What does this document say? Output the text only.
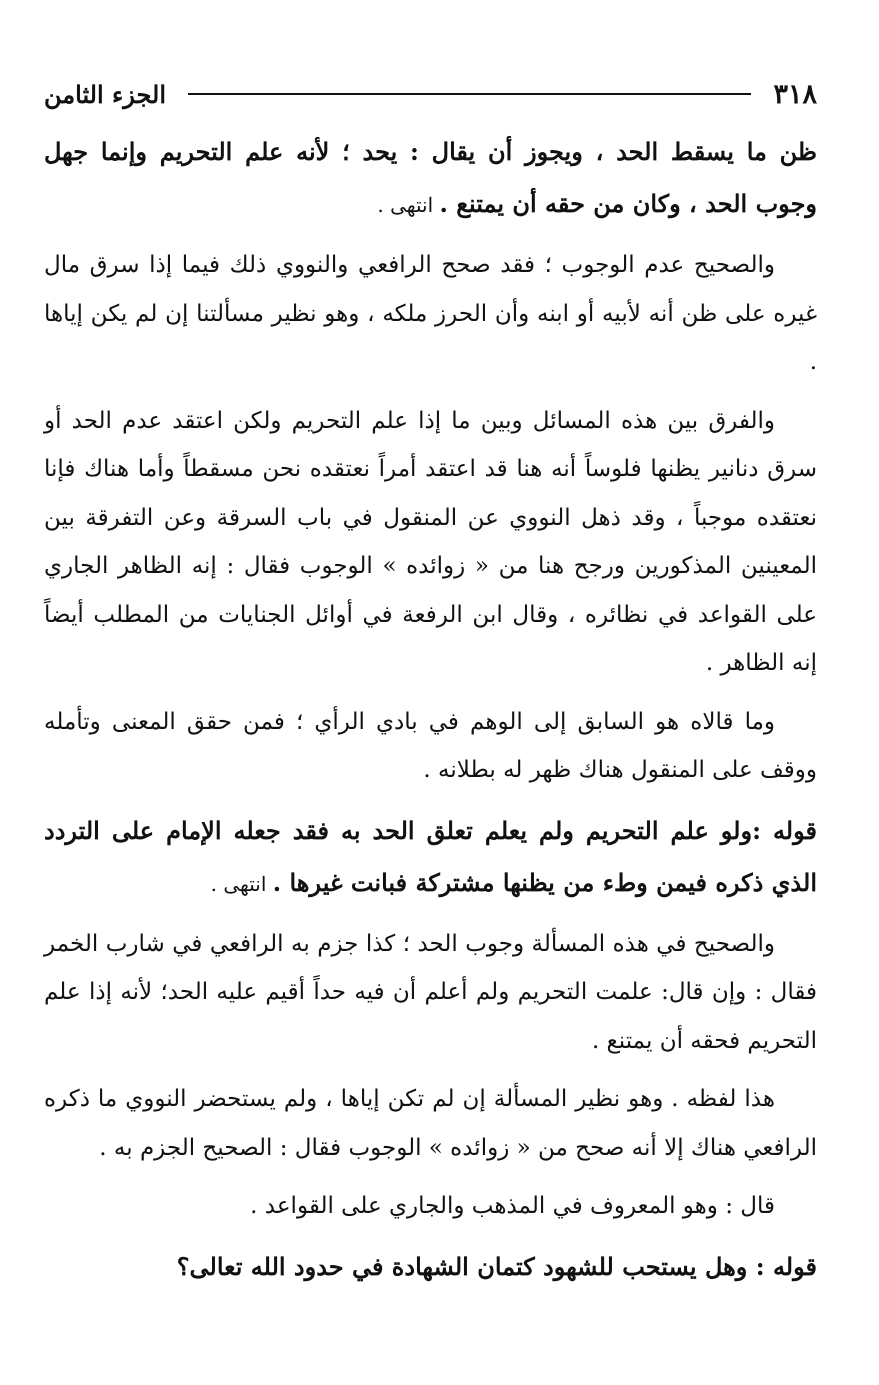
٣١٨
الجزء الثامن

ظن ما يسقط الحد ، ويجوز أن يقال : يحد ؛ لأنه علم التحريم وإنما جهل وجوب الحد ، وكان من حقه أن يمتنع . انتهى .

والصحيح عدم الوجوب ؛ فقد صحح الرافعي والنووي ذلك فيما إذا سرق مال غيره على ظن أنه لأبيه أو ابنه وأن الحرز ملكه ، وهو نظير مسألتنا إن لم يكن إياها .

والفرق بين هذه المسائل وبين ما إذا علم التحريم ولكن اعتقد عدم الحد أو سرق دنانير يظنها فلوساً أنه هنا قد اعتقد أمراً نعتقده نحن مسقطاً وأما هناك فإنا نعتقده موجباً ، وقد ذهل النووي عن المنقول في باب السرقة وعن التفرقة بين المعينين المذكورين ورجح هنا من « زوائده » الوجوب فقال : إنه الظاهر الجاري على القواعد في نظائره ، وقال ابن الرفعة في أوائل الجنايات من المطلب أيضاً إنه الظاهر .

وما قالاه هو السابق إلى الوهم في بادي الرأي ؛ فمن حقق المعنى وتأمله ووقف على المنقول هناك ظهر له بطلانه .

قوله :ولو علم التحريم ولم يعلم تعلق الحد به فقد جعله الإمام على التردد الذي ذكره فيمن وطء من يظنها مشتركة فبانت غيرها . انتهى .

والصحيح في هذه المسألة وجوب الحد ؛ كذا جزم به الرافعي في شارب الخمر فقال : وإن قال: علمت التحريم ولم أعلم أن فيه حداً أقيم عليه الحد؛ لأنه إذا علم التحريم فحقه أن يمتنع .

هذا لفظه . وهو نظير المسألة إن لم تكن إياها ، ولم يستحضر النووي ما ذكره الرافعي هناك إلا أنه صحح من « زوائده » الوجوب فقال : الصحيح الجزم به .

قال : وهو المعروف في المذهب والجاري على القواعد .

قوله : وهل يستحب للشهود كتمان الشهادة في حدود الله تعالى؟
